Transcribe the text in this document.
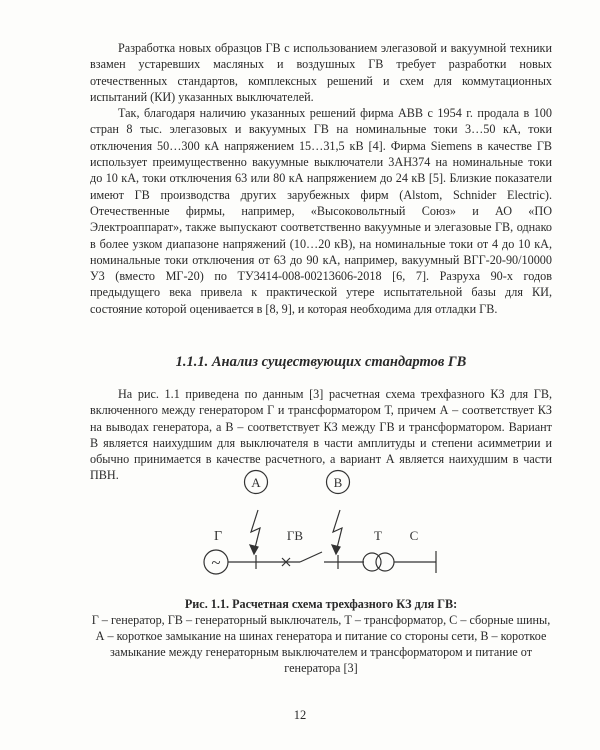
Разработка новых образцов ГВ с использованием элегазовой и вакуумной техники взамен устаревших масляных и воздушных ГВ требует разработки новых отечественных стандартов, комплексных решений и схем для коммутационных испытаний (КИ) указанных выключателей.

Так, благодаря наличию указанных решений фирма ABB с 1954 г. продала в 100 стран 8 тыс. элегазовых и вакуумных ГВ на номинальные токи 3…50 кА, токи отключения 50…300 кА напряжением 15…31,5 кВ [4]. Фирма Siemens в качестве ГВ использует преимущественно вакуумные выключатели 3АН374 на номинальные токи до 10 кА, токи отключения 63 или 80 кА напряжением до 24 кВ [5]. Близкие показатели имеют ГВ производства других зарубежных фирм (Alstom, Schnider Electric). Отечественные фирмы, например, «Высоковольтный Союз» и АО «ПО Электроаппарат», также выпускают соответственно вакуумные и элегазовые ГВ, однако в более узком диапазоне напряжений (10…20 кВ), на номинальные токи от 4 до 10 кА, номинальные токи отключения от 63 до 90 кА, например, вакуумный ВГГ-20-90/10000 У3 (вместо МГ-20) по ТУ3414-008-00213606-2018 [6, 7]. Разруха 90-х годов предыдущего века привела к практической утере испытательной базы для КИ, состояние которой оценивается в [8, 9], и которая необходима для отладки ГВ.

1.1.1. Анализ существующих стандартов ГВ

На рис. 1.1 приведена по данным [3] расчетная схема трехфазного КЗ для ГВ, включенного между генератором Г и трансформатором Т, причем А – соответствует КЗ на выводах генератора, а В – соответствует КЗ между ГВ и трансформатором. Вариант В является наихудшим для выключателя в части амплитуды и степени асимметрии и обычно принимается в качестве расчетного, а вариант А является наихудшим в части ПВН.	A	B
Г	ГВ	Т С
~
Рис. 1.1. Расчетная схема трехфазного КЗ для ГВ:
Г – генератор, ГВ – генераторный выключатель, Т – трансформатор, С – сборные шины, А – короткое замыкание на шинах генератора и питание со стороны сети, В – короткое замыкание между генераторным выключателем и трансформатором и питание от генератора [3]
12
